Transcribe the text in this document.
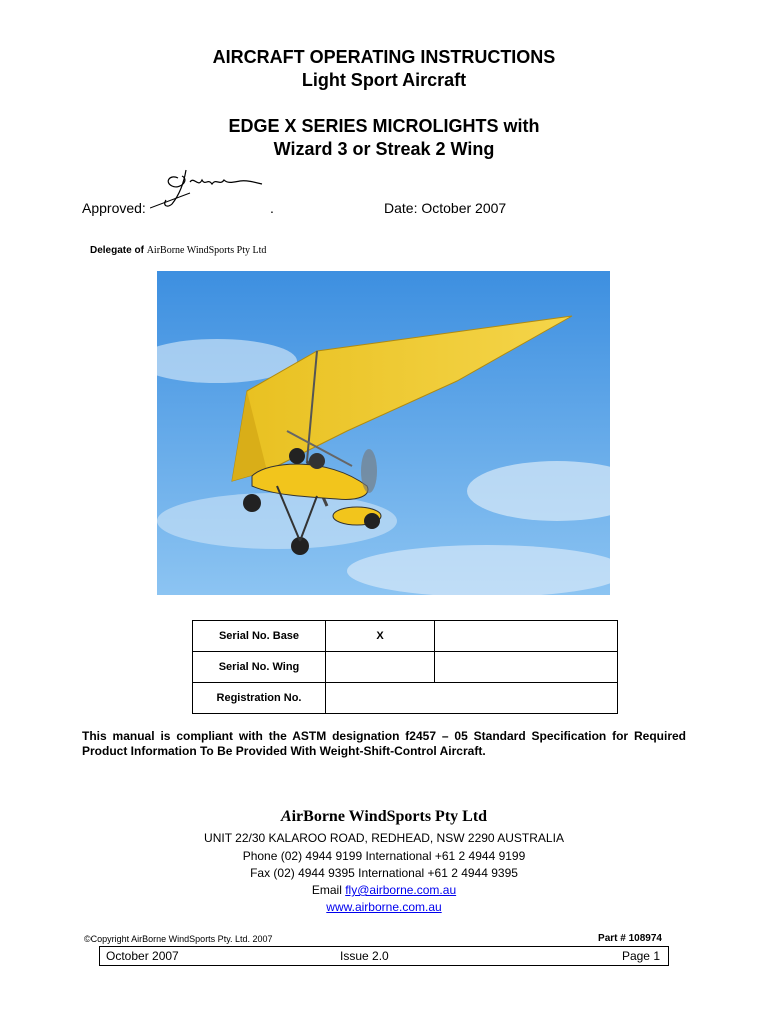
AIRCRAFT OPERATING INSTRUCTIONS
Light Sport Aircraft
EDGE X SERIES MICROLIGHTS with
Wizard 3 or Streak 2 Wing
Approved:	.	Date: October 2007
Delegate of AirBorne WindSports Pty Ltd
Serial No. Base	X	
Serial No. Wing		
Registration No.		
This manual is compliant with the ASTM designation f2457 – 05 Standard Specification for Required Product Information To Be Provided With Weight-Shift-Control Aircraft.
AirBorne WindSports Pty Ltd
UNIT 22/30 KALAROO ROAD, REDHEAD, NSW 2290 AUSTRALIA
Phone (02) 4944 9199 International +61 2 4944 9199
Fax (02) 4944 9395 International +61 2 4944 9395
Email fly@airborne.com.au
www.airborne.com.au
©Copyright AirBorne WindSports Pty. Ltd. 2007	Part # 108974
October 2007	Issue 2.0	Page 1
